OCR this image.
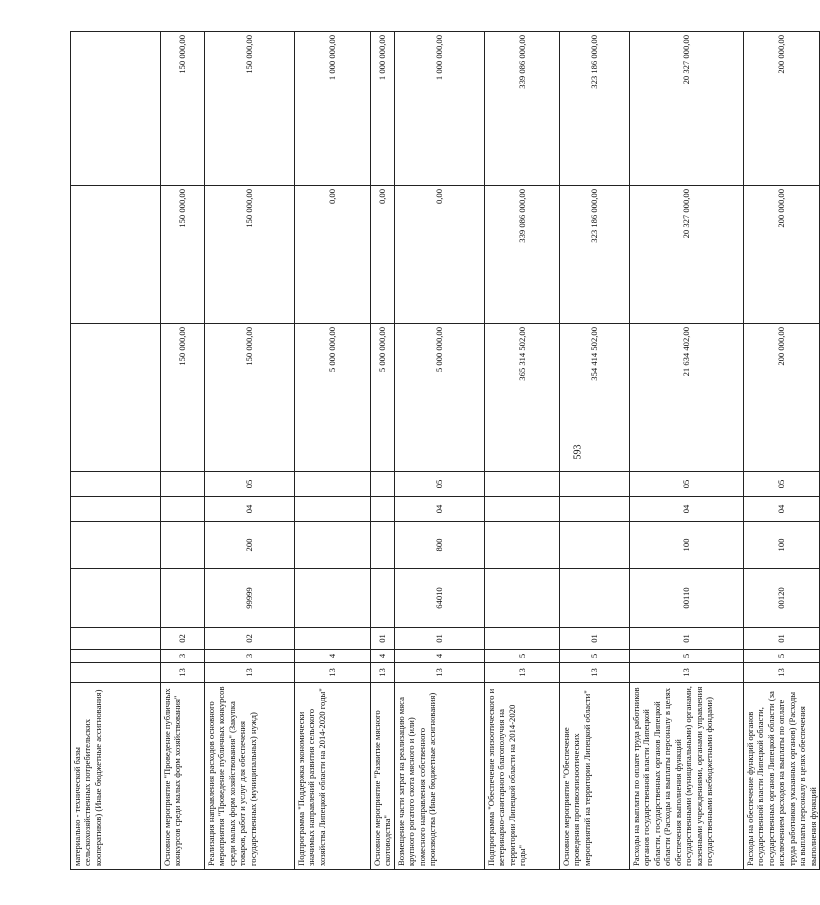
593
материально - технической базы сельскохозяйственных потребительских кооперативов) (Иные бюджетные ассигнования)										
Основное мероприятие "Проведение публичных конкурсов среди малых форм хозяйствования"	13	3	02					150 000,00	150 000,00	150 000,00
Реализация направления расходов основного мероприятия "Проведение публичных конкурсов среди малых форм хозяйствования" (Закупка товаров, работ и услуг для обеспечения государственных (муниципальных) нужд)	13	3	02	99999	200	04	05	150 000,00	150 000,00	150 000,00
Подпрограмма "Поддержка экономически значимых направлений развития сельского хозяйства Липецкой области на 2014-2020 годы"	13	4						5 000 000,00	0,00	1 000 000,00
Основное мероприятие "Развитие мясного скотоводства"	13	4	01					5 000 000,00	0,00	1 000 000,00
Возмещение части затрат на реализацию мяса крупного рогатого скота мясного и (или) помесного направления собственного производства (Иные бюджетные ассигнования)	13	4	01	64010	800	04	05	5 000 000,00	0,00	1 000 000,00
Подпрограмма "Обеспечение эпизоотического и ветеринарно-санитарного благополучия на территории Липецкой области на 2014-2020 годы"	13	5						365 314 502,00	339 086 000,00	339 086 000,00
Основное мероприятие "Обеспечение проведения противоэпизоотических мероприятий на территории Липецкой области"	13	5	01					354 414 502,00	323 186 000,00	323 186 000,00
Расходы на выплаты по оплате труда работников органов государственной власти Липецкой области, государственных органов Липецкой области (Расходы на выплаты персоналу в целях обеспечения выполнения функций государственными (муниципальными) органами, казенными учреждениями, органами управления государственными внебюджетными фондами)	13	5	01	00110	100	04	05	21 634 402,00	20 327 000,00	20 327 000,00
Расходы на обеспечение функций органов государственной власти Липецкой области, государственных органов Липецкой области (за исключением расходов на выплаты по оплате труда работников указанных органов) (Расходы на выплаты персоналу в целях обеспечения выполнения функций	13	5	01	00120	100	04	05	200 000,00	200 000,00	200 000,00
